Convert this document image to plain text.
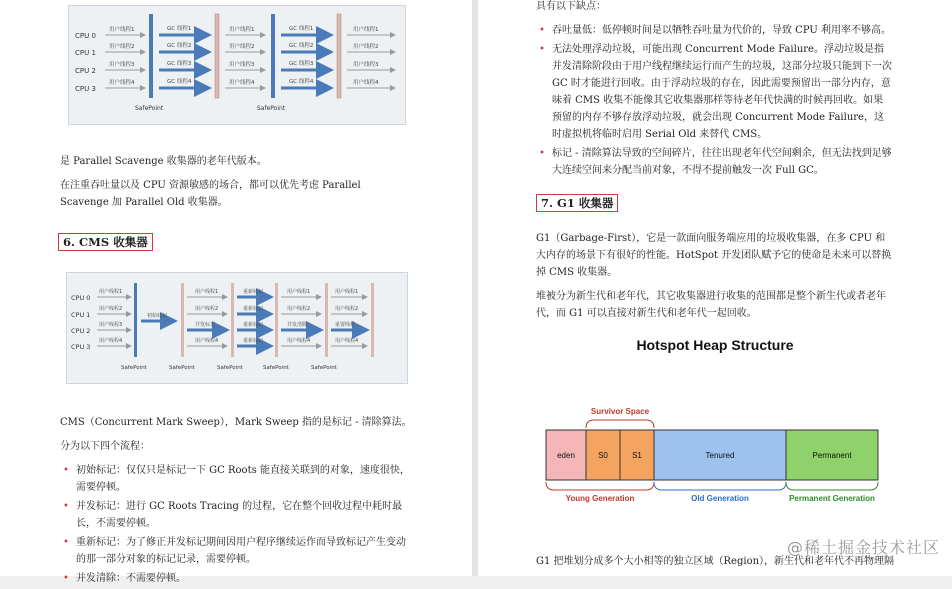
CPU 0
CPU 1
CPU 2
CPU 3
用户线程1
用户线程2
用户线程3
用户线程4
GC 线程1
GC 线程2
GC 线程3
GC 线程4
用户线程1
用户线程2
用户线程3
用户线程4
GC 线程1
GC 线程2
GC 线程3
GC 线程4
用户线程1
用户线程2
用户线程3
用户线程4
SafePoint	SafePoint

是 Parallel Scavenge 收集器的老年代版本。

在注重吞吐量以及 CPU 资源敏感的场合，都可以优先考虑 Parallel Scavenge 加 Parallel Old 收集器。

6. CMS 收集器
CPU 0
CPU 1
CPU 2
CPU 3
用户线程1
用户线程2
用户线程3
用户线程4
初始标记
用户线程1
用户线程2
并发标记
用户线程4
重新标记
重新标记
重新标记
重新标记
用户线程1
用户线程2
并发清除
用户线程4
用户线程1
用户线程2
重置线程
用户线程4
SafePoint	SafePoint	SafePoint	SafePoint	SafePoint

CMS（Concurrent Mark Sweep），Mark Sweep 指的是标记 - 清除算法。

分为以下四个流程：

• 初始标记：仅仅只是标记一下 GC Roots 能直接关联到的对象，速度很快，需要停顿。
• 并发标记：进行 GC Roots Tracing 的过程，它在整个回收过程中耗时最长，不需要停顿。
• 重新标记：为了修正并发标记期间因用户程序继续运作而导致标记产生变动的那一部分对象的标记记录，需要停顿。
• 并发清除：不需要停顿。

具有以下缺点：

• 吞吐量低：低停顿时间是以牺牲吞吐量为代价的，导致 CPU 利用率不够高。
• 无法处理浮动垃圾，可能出现 Concurrent Mode Failure。浮动垃圾是指并发清除阶段由于用户线程继续运行而产生的垃圾，这部分垃圾只能到下一次 GC 时才能进行回收。由于浮动垃圾的存在，因此需要预留出一部分内存，意味着 CMS 收集不能像其它收集器那样等待老年代快满的时候再回收。如果预留的内存不够存放浮动垃圾，就会出现 Concurrent Mode Failure，这时虚拟机将临时启用 Serial Old 来替代 CMS。
• 标记 - 清除算法导致的空间碎片，往往出现老年代空间剩余，但无法找到足够大连续空间来分配当前对象，不得不提前触发一次 Full GC。
7. G1 收集器

G1（Garbage-First），它是一款面向服务端应用的垃圾收集器，在多 CPU 和大内存的场景下有很好的性能。HotSpot 开发团队赋予它的使命是未来可以替换掉 CMS 收集器。

堆被分为新生代和老年代，其它收集器进行收集的范围都是整个新生代或者老年代，而 G1 可以直接对新生代和老年代一起回收。

Hotspot Heap Structure
Survivor Space
eden	S0	S1	Tenured	Permanent
Young Generation	Old Generation	Permanent Generation

G1 把堆划分成多个大小相等的独立区域（Region），新生代和老年代不再物理隔

@稀土掘金技术社区
